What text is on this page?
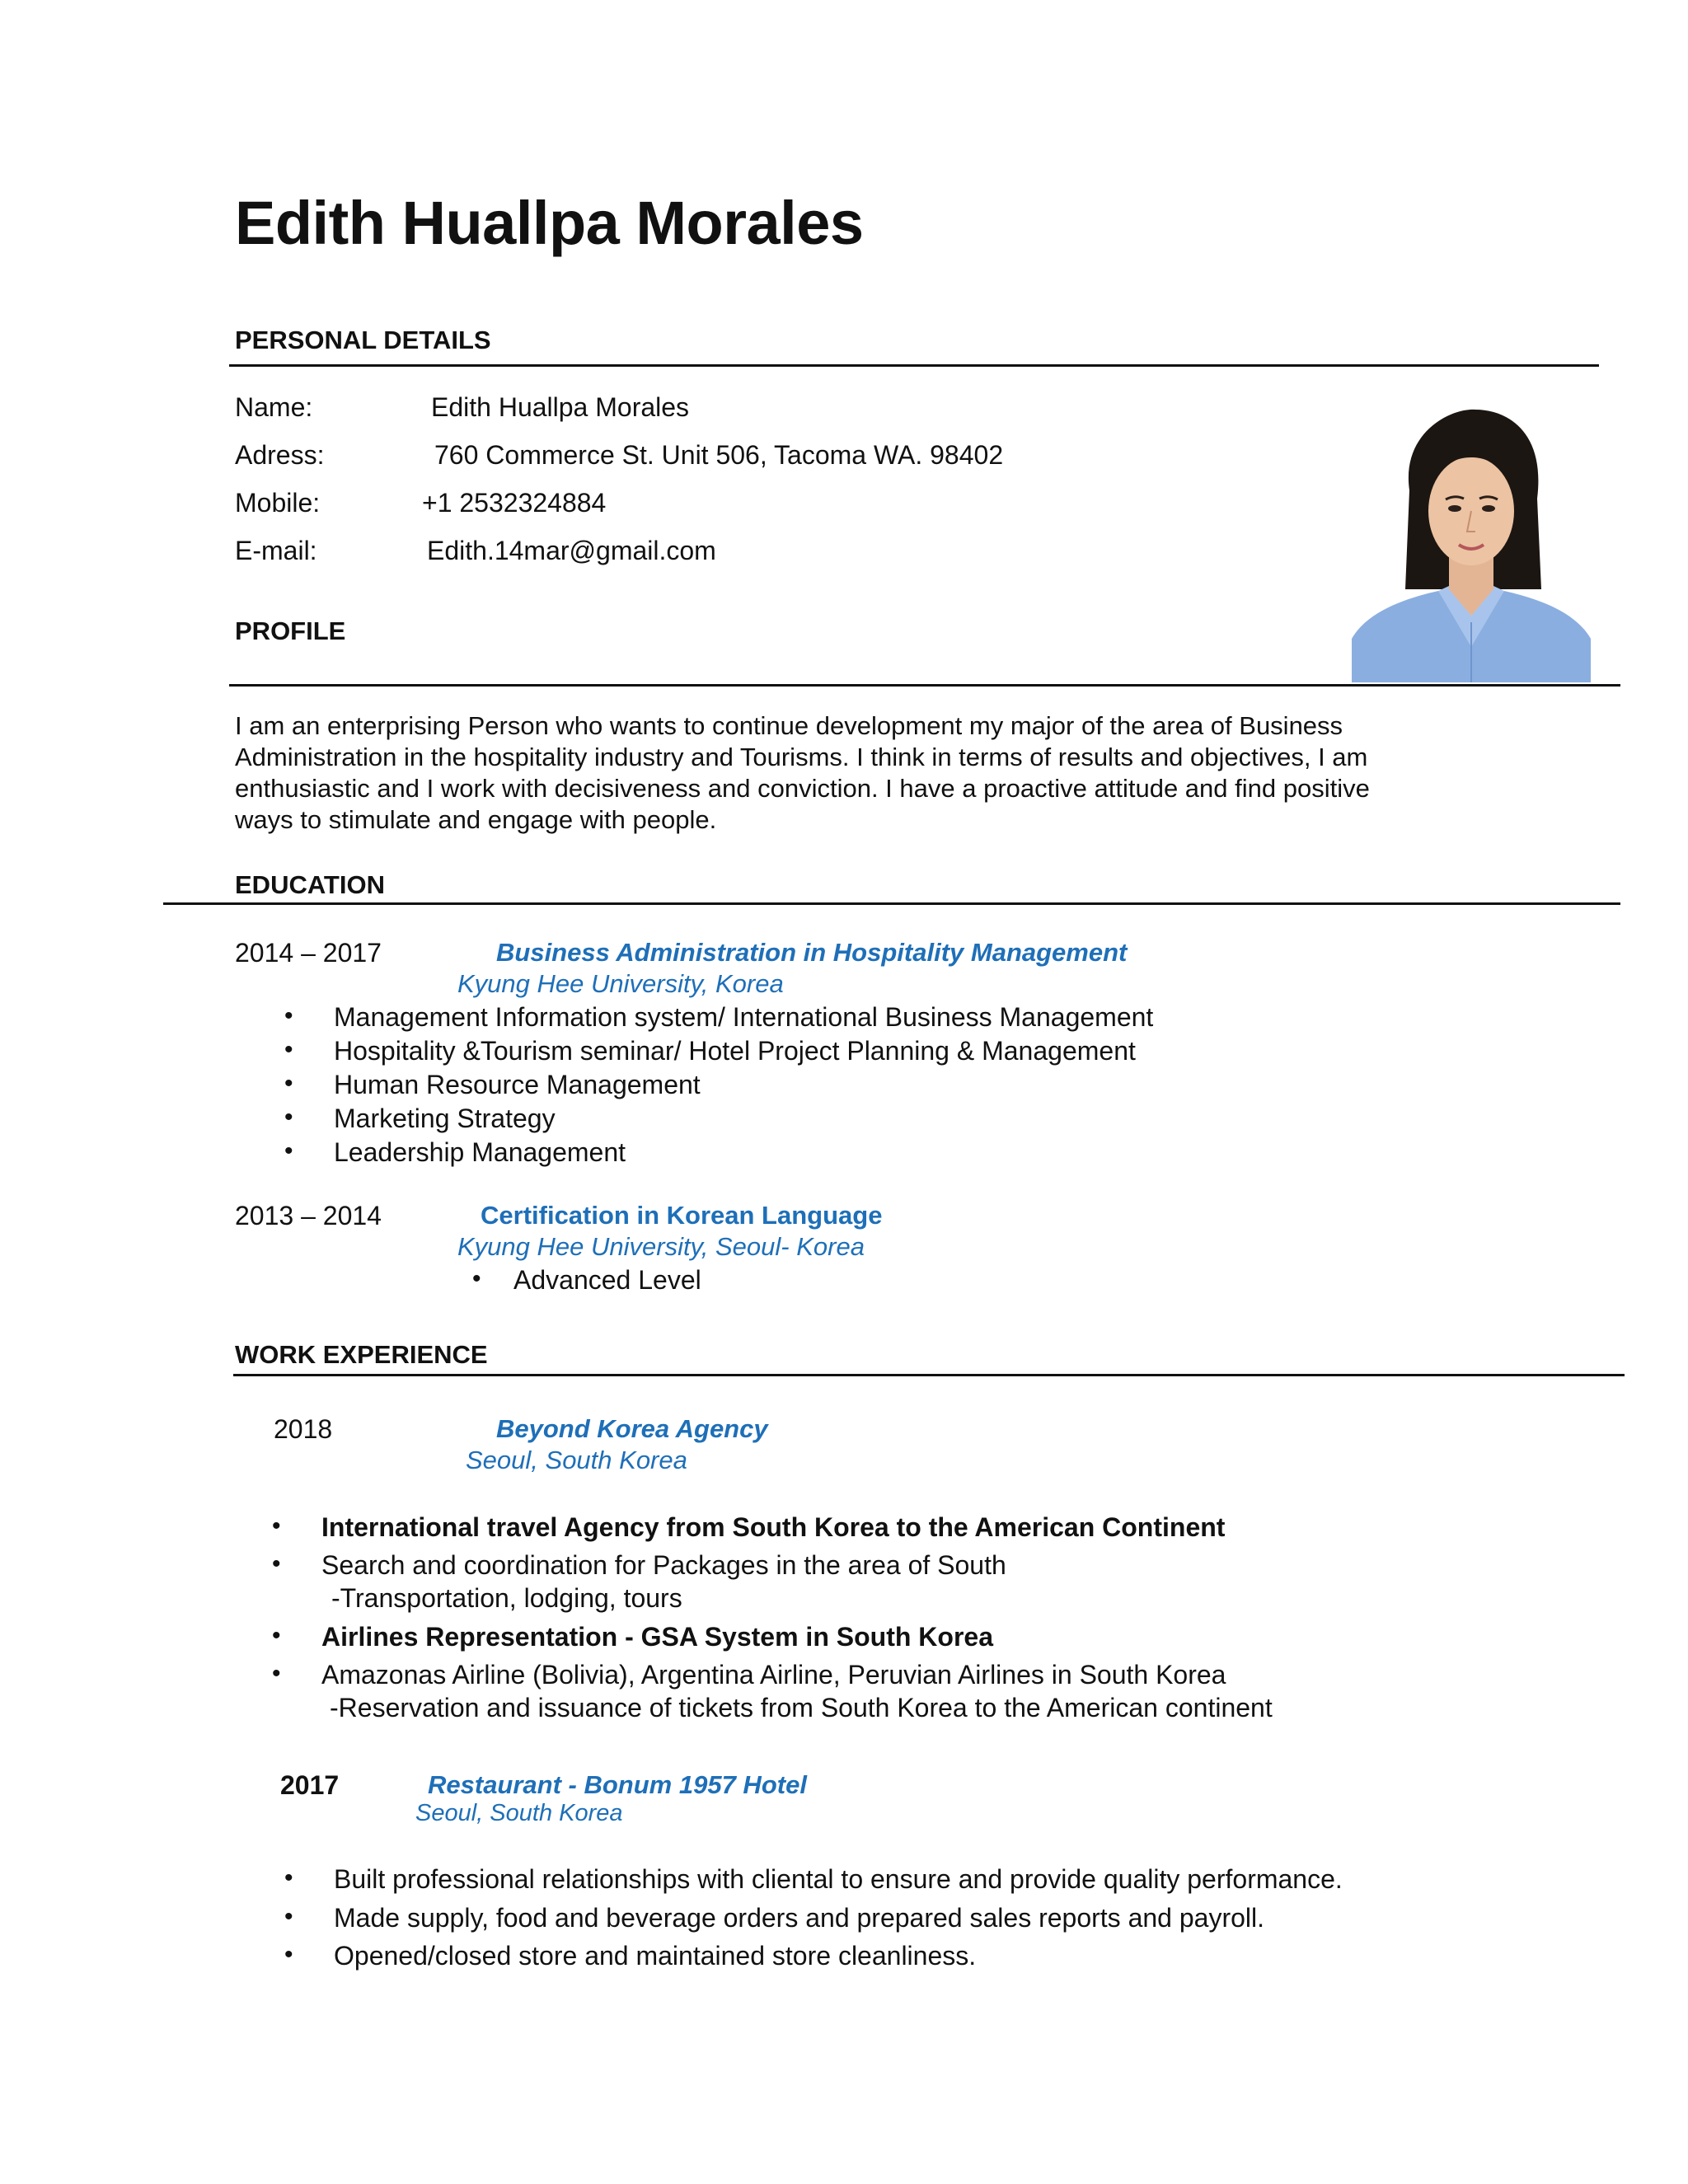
Edith Huallpa Morales
PERSONAL DETAILS
Name:	Edith Huallpa Morales
Adress:	760 Commerce St. Unit 506, Tacoma WA. 98402
Mobile:	+1 2532324884
E-mail:	Edith.14mar@gmail.com
PROFILE
I am an enterprising Person who wants to continue development my major of the area of Business
Administration in the hospitality industry and Tourisms. I think in terms of results and objectives, I am
enthusiastic and I work with decisiveness and conviction. I have a proactive attitude and find positive
ways to stimulate and engage with people.
EDUCATION
2014 – 2017	Business Administration in Hospitality Management
Kyung Hee University, Korea
• Management Information system/ International Business Management
• Hospitality &Tourism seminar/ Hotel Project Planning & Management
• Human Resource Management
• Marketing Strategy
• Leadership Management
2013 – 2014	Certification in Korean Language
Kyung Hee University, Seoul- Korea
• Advanced Level
WORK EXPERIENCE
2018	Beyond Korea Agency
Seoul, South Korea
• International travel Agency from South Korea to the American Continent
• Search and coordination for Packages in the area of South
-Transportation, lodging, tours
• Airlines Representation - GSA System in South Korea
• Amazonas Airline (Bolivia), Argentina Airline, Peruvian Airlines in South Korea
-Reservation and issuance of tickets from South Korea to the American continent
2017	Restaurant - Bonum 1957 Hotel
Seoul, South Korea
• Built professional relationships with cliental to ensure and provide quality performance.
• Made supply, food and beverage orders and prepared sales reports and payroll.
• Opened/closed store and maintained store cleanliness.
